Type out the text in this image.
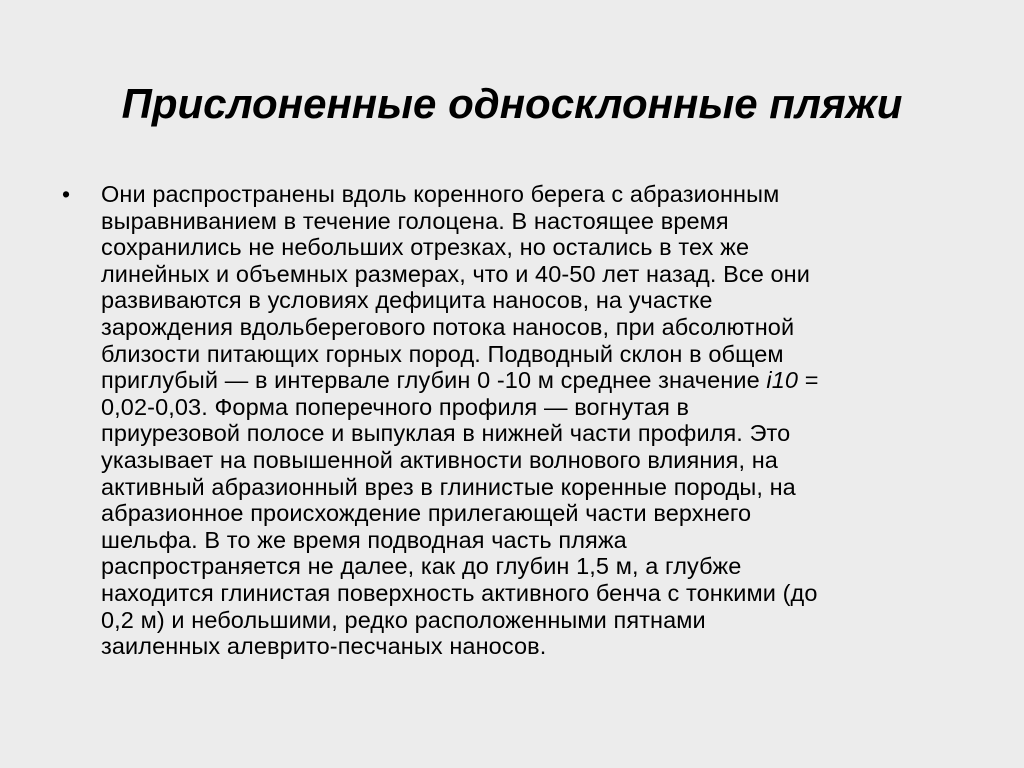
Прислоненные односклонные пляжи
• Они распространены вдоль коренного берега с абразионным
выравниванием в течение голоцена. В настоящее время
сохранились не небольших отрезках, но остались в тех же
линейных и объемных размерах, что и 40-50 лет назад. Все они
развиваются в условиях дефицита наносов, на участке
зарождения вдольберегового потока наносов, при абсолютной
близости питающих горных пород. Подводный склон в общем
приглубый — в интервале глубин 0 -10 м среднее значение i10 =
0,02-0,03. Форма поперечного профиля — вогнутая в
приурезовой полосе и выпуклая в нижней части профиля. Это
указывает на повышенной активности волнового влияния, на
активный абразионный врез в глинистые коренные породы, на
абразионное происхождение прилегающей части верхнего
шельфа. В то же время подводная часть пляжа
распространяется не далее, как до глубин 1,5 м, а глубже
находится глинистая поверхность активного бенча с тонкими (до
0,2 м) и небольшими, редко расположенными пятнами
заиленных алеврито-песчаных наносов.
